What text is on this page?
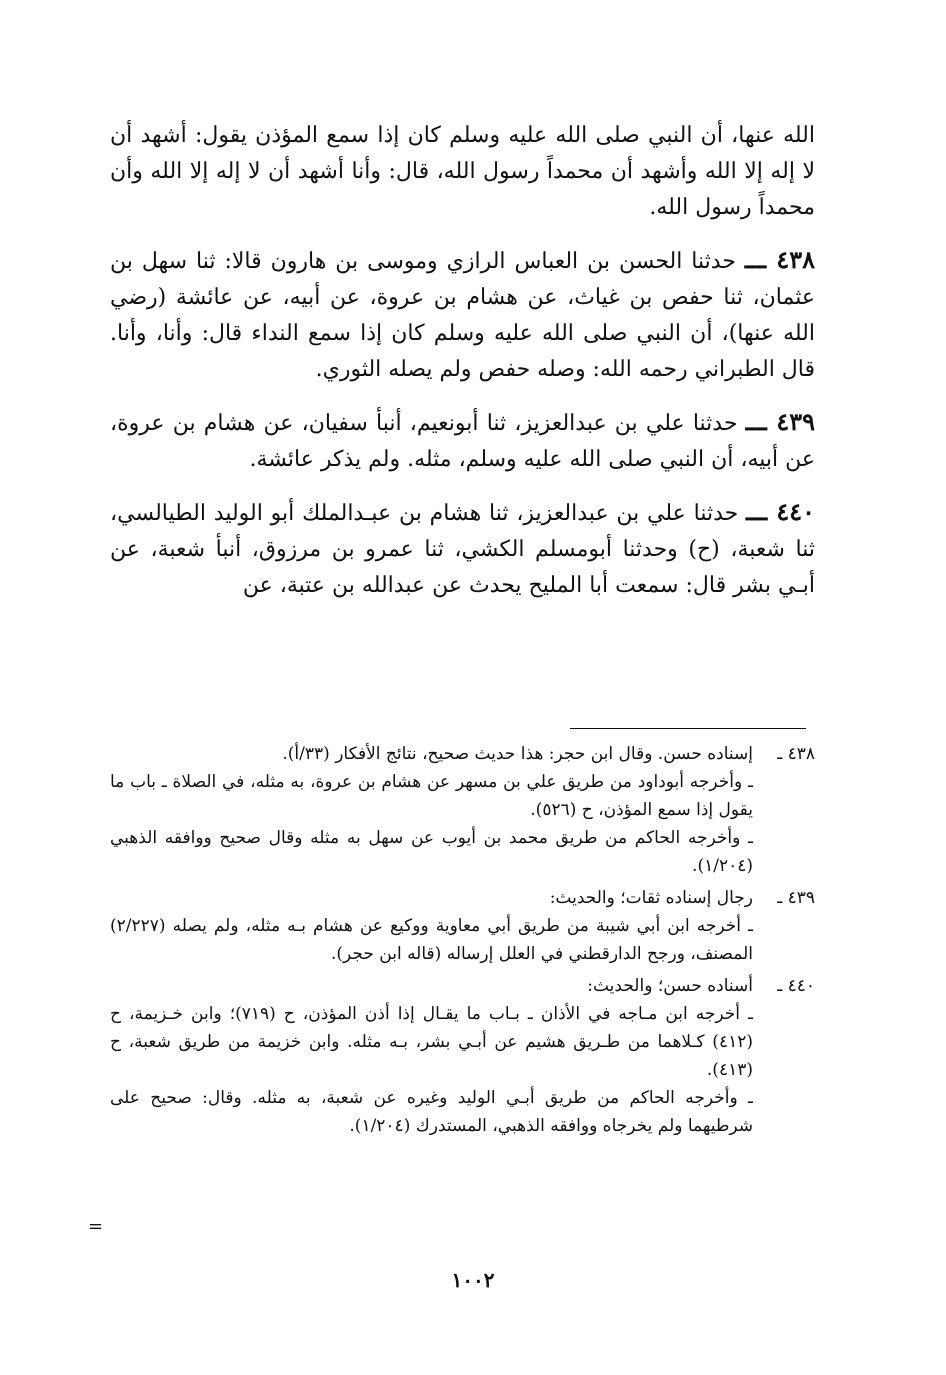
الله عنها، أن النبي صلى الله عليه وسلم كان إذا سمع المؤذن يقول: أشهد أن لا إله إلا الله وأشهد أن محمداً رسول الله، قال: وأنا أشهد أن لا إله إلا الله وأن محمداً رسول الله.

٤٣٨ ـــ حدثنا الحسن بن العباس الرازي وموسى بن هارون قالا: ثنا سهل بن عثمان، ثنا حفص بن غياث، عن هشام بن عروة، عن أبيه، عن عائشة (رضي الله عنها)، أن النبي صلى الله عليه وسلم كان إذا سمع النداء قال: وأنا، وأنا. قال الطبراني رحمه الله: وصله حفص ولم يصله الثوري.

٤٣٩ ـــ حدثنا علي بن عبدالعزيز، ثنا أبونعيم، أنبأ سفيان، عن هشام بن عروة، عن أبيه، أن النبي صلى الله عليه وسلم، مثله. ولم يذكر عائشة.

٤٤٠ ـــ حدثنا علي بن عبدالعزيز، ثنا هشام بن عبـدالملك أبو الوليد الطيالسي، ثنا شعبة، (ح) وحدثنا أبومسلم الكشي، ثنا عمرو بن مرزوق، أنبأ شعبة، عن أبـي بشر قال: سمعت أبا المليح يحدث عن عبدالله بن عتبة، عن

٤٣٨ ـ

إسناده حسن. وقال ابن حجر: هذا حديث صحيح، نتائج الأفكار (٣٣/أ).

ـ وأخرجه أبوداود من طريق علي بن مسهر عن هشام بن عروة، به مثله، في الصلاة ـ باب ما يقول إذا سمع المؤذن، ح (٥٢٦).

ـ وأخرجه الحاكم من طريق محمد بن أيوب عن سهل به مثله وقال صحيح ووافقه الذهبي (١/٢٠٤).

٤٣٩ ـ

رجال إسناده ثقات؛ والحديث:

ـ أخرجه ابن أبي شيبة من طريق أبي معاوية ووكيع عن هشام بـه مثله، ولم يصله (٢/٢٢٧) المصنف، ورجح الدارقطني في العلل إرساله (قاله ابن حجر).

٤٤٠ ـ

أسناده حسن؛ والحديث:

ـ أخرجه ابن مـاجه في الأذان ـ بـاب ما يقـال إذا أذن المؤذن، ح (٧١٩)؛ وابن خـزيمة، ح (٤١٢) كـلاهما من طـريق هشيم عن أبـي بشر، بـه مثله. وابن خزيمة من طريق شعبة، ح (٤١٣).

ـ وأخرجه الحاكم من طريق أبـي الوليد وغيره عن شعبة، به مثله. وقال: صحيح على شرطيهما ولم يخرجاه ووافقه الذهبي، المستدرك (١/٢٠٤).

=
١٠٠٢
